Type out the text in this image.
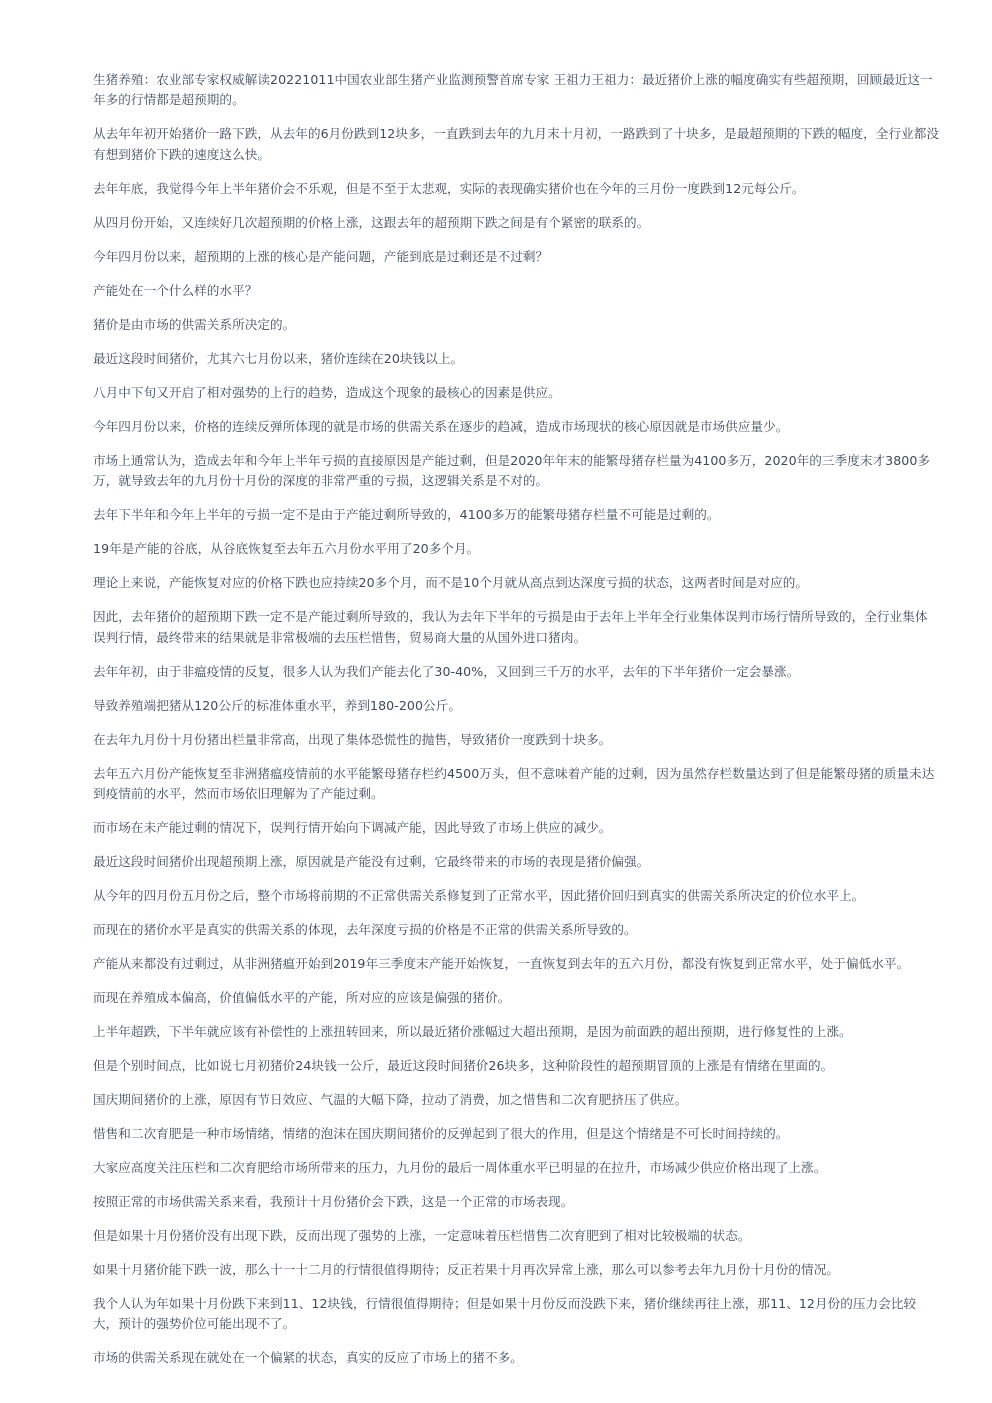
生猪养殖：农业部专家权威解读20221011中国农业部生猪产业监测预警首席专家 王祖力王祖力：最近猪价上涨的幅度确实有些超预期，回顾最近这一年多的行情都是超预期的。

从去年年初开始猪价一路下跌，从去年的6月份跌到12块多，一直跌到去年的九月末十月初，一路跌到了十块多，是最超预期的下跌的幅度，全行业都没有想到猪价下跌的速度这么快。

去年年底，我觉得今年上半年猪价会不乐观，但是不至于太悲观，实际的表现确实猪价也在今年的三月份一度跌到12元每公斤。

从四月份开始，又连续好几次超预期的价格上涨，这跟去年的超预期下跌之间是有个紧密的联系的。

今年四月份以来，超预期的上涨的核心是产能问题，产能到底是过剩还是不过剩？

产能处在一个什么样的水平？

猪价是由市场的供需关系所决定的。

最近这段时间猪价，尤其六七月份以来，猪价连续在20块钱以上。

八月中下旬又开启了相对强势的上行的趋势，造成这个现象的最核心的因素是供应。

今年四月份以来，价格的连续反弹所体现的就是市场的供需关系在逐步的趋减，造成市场现状的核心原因就是市场供应量少。

市场上通常认为，造成去年和今年上半年亏损的直接原因是产能过剩，但是2020年年末的能繁母猪存栏量为4100多万，2020年的三季度末才3800多万，就导致去年的九月份十月份的深度的非常严重的亏损，这逻辑关系是不对的。

去年下半年和今年上半年的亏损一定不是由于产能过剩所导致的，4100多万的能繁母猪存栏量不可能是过剩的。

19年是产能的谷底，从谷底恢复至去年五六月份水平用了20多个月。

理论上来说，产能恢复对应的价格下跌也应持续20多个月，而不是10个月就从高点到达深度亏损的状态，这两者时间是对应的。

因此，去年猪价的超预期下跌一定不是产能过剩所导致的，我认为去年下半年的亏损是由于去年上半年全行业集体误判市场行情所导致的，全行业集体误判行情，最终带来的结果就是非常极端的去压栏惜售，贸易商大量的从国外进口猪肉。

去年年初，由于非瘟疫情的反复，很多人认为我们产能去化了30-40%，又回到三千万的水平，去年的下半年猪价一定会暴涨。

导致养殖端把猪从120公斤的标准体重水平，养到180-200公斤。

在去年九月份十月份猪出栏量非常高，出现了集体恐慌性的抛售，导致猪价一度跌到十块多。

去年五六月份产能恢复至非洲猪瘟疫情前的水平能繁母猪存栏约4500万头，但不意味着产能的过剩，因为虽然存栏数量达到了但是能繁母猪的质量未达到疫情前的水平，然而市场依旧理解为了产能过剩。

而市场在未产能过剩的情况下，误判行情开始向下调减产能，因此导致了市场上供应的减少。

最近这段时间猪价出现超预期上涨，原因就是产能没有过剩，它最终带来的市场的表现是猪价偏强。

从今年的四月份五月份之后，整个市场将前期的不正常供需关系修复到了正常水平，因此猪价回归到真实的供需关系所决定的价位水平上。

而现在的猪价水平是真实的供需关系的体现，去年深度亏损的价格是不正常的供需关系所导致的。

产能从来都没有过剩过，从非洲猪瘟开始到2019年三季度末产能开始恢复，一直恢复到去年的五六月份，都没有恢复到正常水平，处于偏低水平。

而现在养殖成本偏高，价值偏低水平的产能，所对应的应该是偏强的猪价。

上半年超跌，下半年就应该有补偿性的上涨扭转回来，所以最近猪价涨幅过大超出预期，是因为前面跌的超出预期，进行修复性的上涨。

但是个别时间点，比如说七月初猪价24块钱一公斤，最近这段时间猪价26块多，这种阶段性的超预期冒顶的上涨是有情绪在里面的。

国庆期间猪价的上涨，原因有节日效应、气温的大幅下降，拉动了消费，加之惜售和二次育肥挤压了供应。

惜售和二次育肥是一种市场情绪，情绪的泡沫在国庆期间猪价的反弹起到了很大的作用，但是这个情绪是不可长时间持续的。

大家应高度关注压栏和二次育肥给市场所带来的压力，九月份的最后一周体重水平已明显的在拉升，市场减少供应价格出现了上涨。

按照正常的市场供需关系来看，我预计十月份猪价会下跌，这是一个正常的市场表现。

但是如果十月份猪价没有出现下跌，反而出现了强势的上涨，一定意味着压栏惜售二次育肥到了相对比较极端的状态。

如果十月猪价能下跌一波，那么十一十二月的行情很值得期待；反正若果十月再次异常上涨，那么可以参考去年九月份十月份的情况。

我个人认为年如果十月份跌下来到11、12块钱，行情很值得期待；但是如果十月份反而没跌下来，猪价继续再往上涨，那11、12月份的压力会比较大，预计的强势价位可能出现不了。

市场的供需关系现在就处在一个偏紧的状态，真实的反应了市场上的猪不多。
